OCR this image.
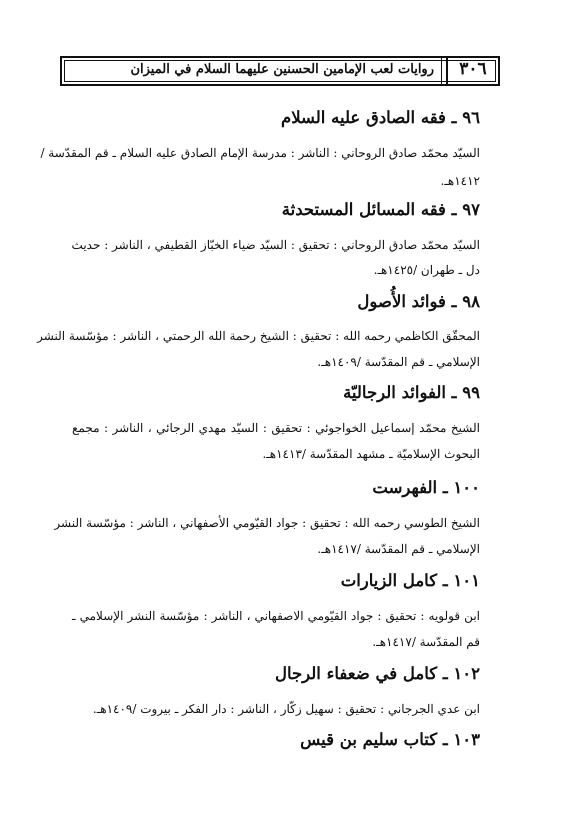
٣٠٦
روايات لعب الإمامين الحسنين عليهما السلام في الميزان
٩٦ ـ فقه الصادق عليه السلام
السيّد محمّد صادق الروحاني : الناشر : مدرسة الإمام الصادق عليه السلام ـ قم المقدّسة /
١٤١٢هـ.
٩٧ ـ فقه المسائل المستحدثة
السيّد محمّد صادق الروحاني : تحقيق : السيّد ضياء الخبّاز القطيفي ، الناشر : حديث
دل ـ طهران /١٤٢٥هـ.
٩٨ ـ فوائد الأُصول
المحقّق الكاظمي رحمه الله : تحقيق : الشيخ رحمة الله الرحمتي ، الناشر : مؤسّسة النشر
الإسلامي ـ قم المقدّسة /١٤٠٩هـ.
٩٩ ـ الفوائد الرجاليّة
الشيخ محمّد إسماعيل الخواجوئي : تحقيق : السيّد مهدي الرجائي ، الناشر : مجمع
البحوث الإسلاميّة ـ مشهد المقدّسة /١٤١٣هـ.
١٠٠ ـ الفهرست
الشيخ الطوسي رحمه الله : تحقيق : جواد القيّومي الأصفهاني ، الناشر : مؤسّسة النشر
الإسلامي ـ قم المقدّسة /١٤١٧هـ.
١٠١ ـ كامل الزيارات
ابن قولويه : تحقيق : جواد القيّومي الاصفهاني ، الناشر : مؤسّسة النشر الإسلامي ـ
قم المقدّسة /١٤١٧هـ.
١٠٢ ـ كامل في ضعفاء الرجال
ابن عدي الجرجاني : تحقيق : سهيل زكّار ، الناشر : دار الفكر ـ بيروت /١٤٠٩هـ.
١٠٣ ـ كتاب سليم بن قيس
